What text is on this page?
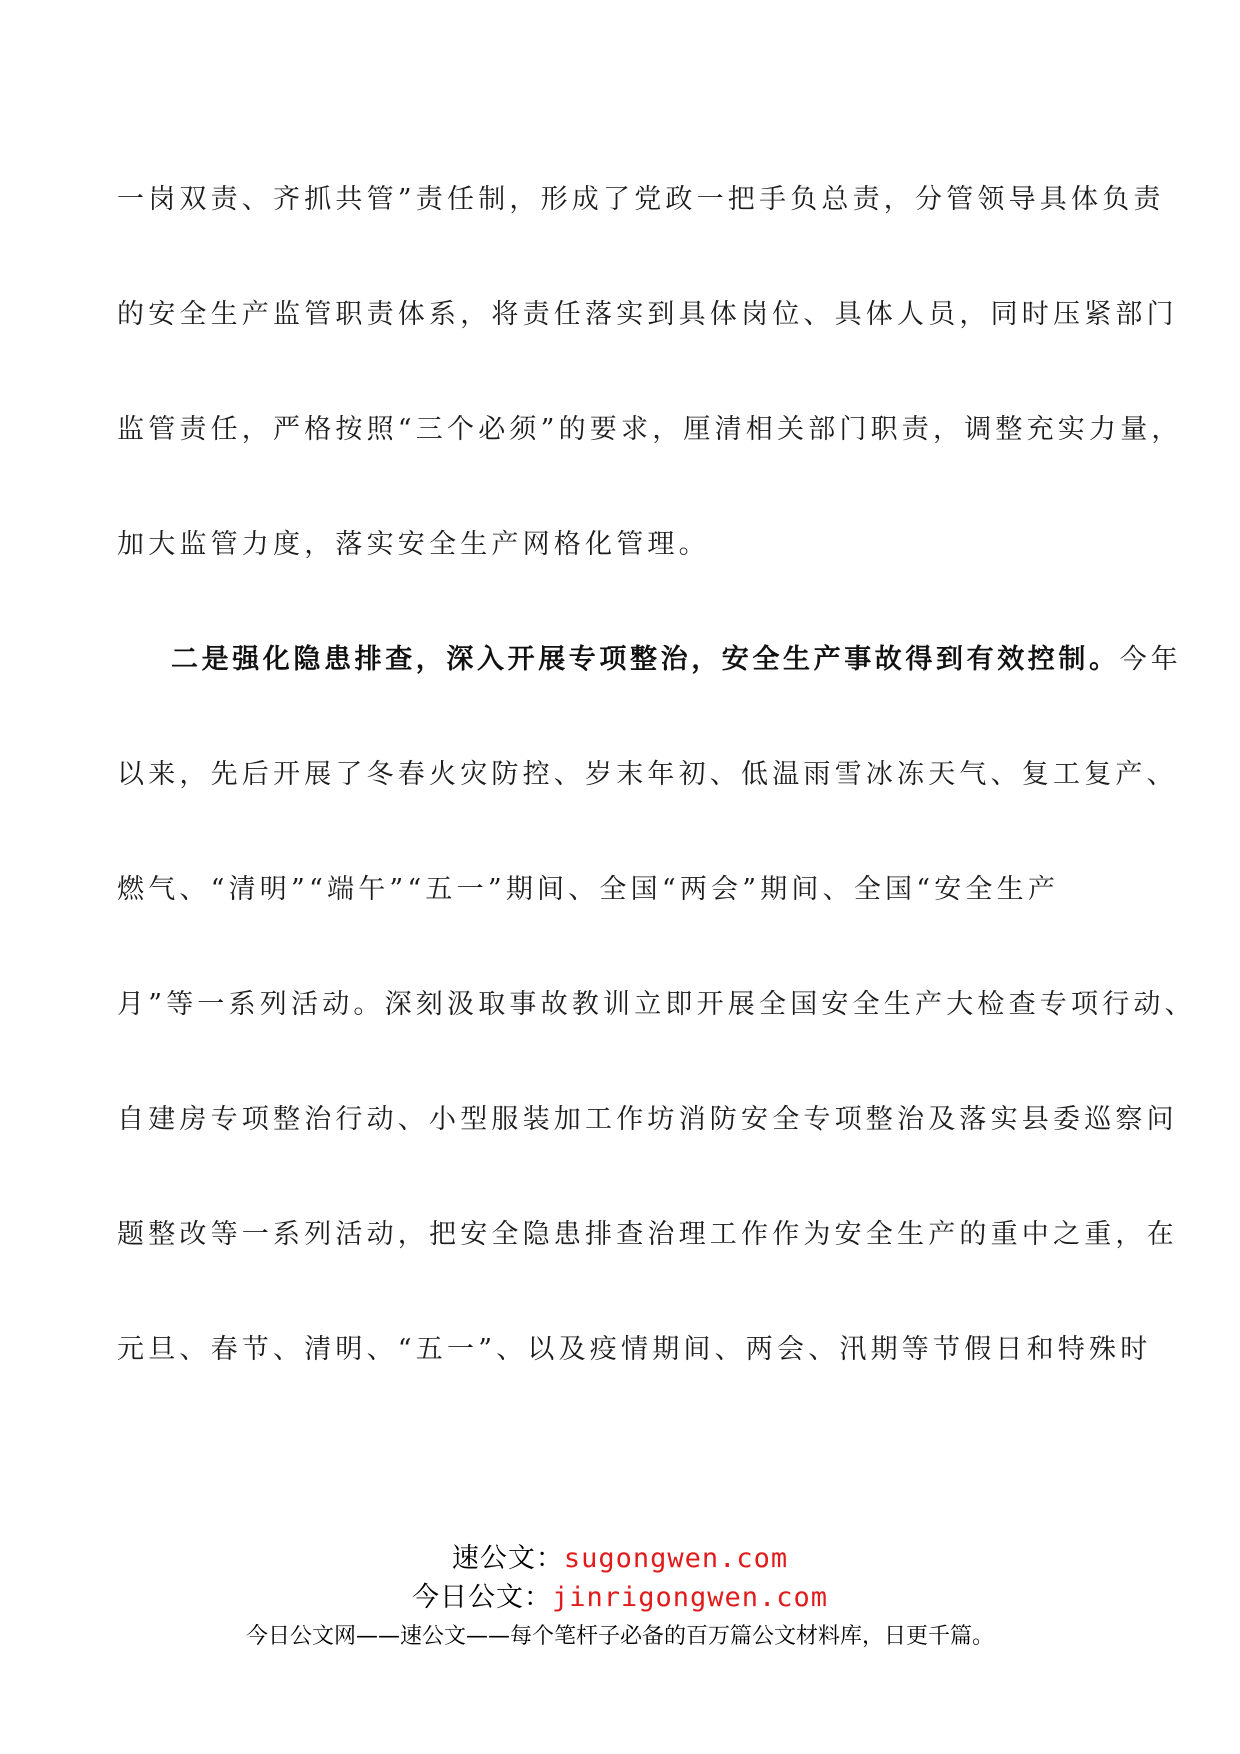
一岗双责、齐抓共管”责任制，形成了党政一把手负总责，分管领导具体负责
的安全生产监管职责体系，将责任落实到具体岗位、具体人员，同时压紧部门
监管责任，严格按照“三个必须”的要求，厘清相关部门职责，调整充实力量，
加大监管力度，落实安全生产网格化管理。
二是强化隐患排查，深入开展专项整治，安全生产事故得到有效控制。今年
以来，先后开展了冬春火灾防控、岁末年初、低温雨雪冰冻天气、复工复产、
燃气、“清明”“端午”“五一”期间、全国“两会”期间、全国“安全生产
月”等一系列活动。深刻汲取事故教训立即开展全国安全生产大检查专项行动、
自建房专项整治行动、小型服装加工作坊消防安全专项整治及落实县委巡察问
题整改等一系列活动，把安全隐患排查治理工作作为安全生产的重中之重，在
元旦、春节、清明、“五一”、以及疫情期间、两会、汛期等节假日和特殊时
速公文：sugongwen.com
今日公文：jinrigongwen.com
今日公文网——速公文——每个笔杆子必备的百万篇公文材料库，日更千篇。
